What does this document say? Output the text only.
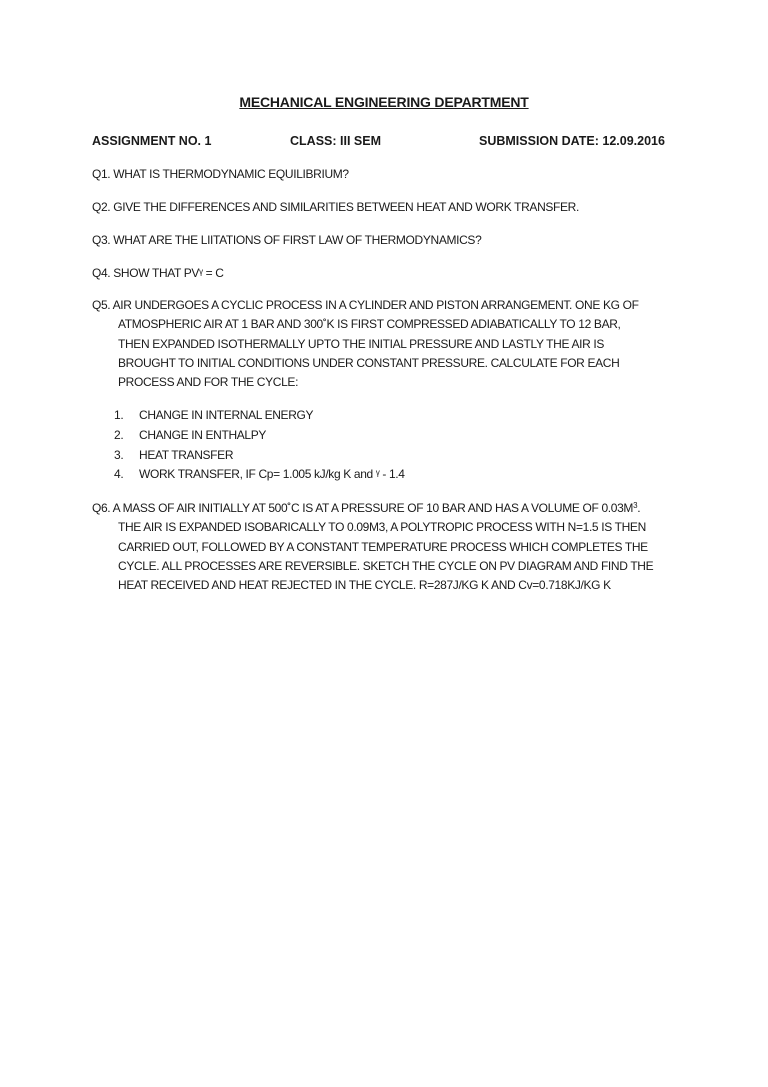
MECHANICAL ENGINEERING DEPARTMENT
ASSIGNMENT NO. 1	CLASS: III SEM	SUBMISSION DATE: 12.09.2016
Q1. WHAT IS THERMODYNAMIC EQUILIBRIUM?
Q2. GIVE THE DIFFERENCES AND SIMILARITIES BETWEEN HEAT AND WORK TRANSFER.
Q3. WHAT ARE THE LIITATIONS OF FIRST LAW OF THERMODYNAMICS?
Q4. SHOW THAT PVᵞ = C
Q5. AIR UNDERGOES A CYCLIC PROCESS IN A CYLINDER AND PISTON ARRANGEMENT. ONE KG OF
ATMOSPHERIC AIR AT 1 BAR AND 300˚K IS FIRST COMPRESSED ADIABATICALLY TO 12 BAR,
THEN EXPANDED ISOTHERMALLY UPTO THE INITIAL PRESSURE AND LASTLY THE AIR IS
BROUGHT TO INITIAL CONDITIONS UNDER CONSTANT PRESSURE. CALCULATE FOR EACH
PROCESS AND FOR THE CYCLE:
1. CHANGE IN INTERNAL ENERGY
2. CHANGE IN ENTHALPY
3. HEAT TRANSFER
4. WORK TRANSFER, IF Cp= 1.005 kJ/kg K and ᵞ - 1.4
Q6. A MASS OF AIR INITIALLY AT 500˚C IS AT A PRESSURE OF 10 BAR AND HAS A VOLUME OF $0.03M^3$.
THE AIR IS EXPANDED ISOBARICALLY TO 0.09M3, A POLYTROPIC PROCESS WITH N=1.5 IS THEN
CARRIED OUT, FOLLOWED BY A CONSTANT TEMPERATURE PROCESS WHICH COMPLETES THE
CYCLE. ALL PROCESSES ARE REVERSIBLE. SKETCH THE CYCLE ON PV DIAGRAM AND FIND THE
HEAT RECEIVED AND HEAT REJECTED IN THE CYCLE. R=287J/KG K AND Cv=0.718KJ/KG K
